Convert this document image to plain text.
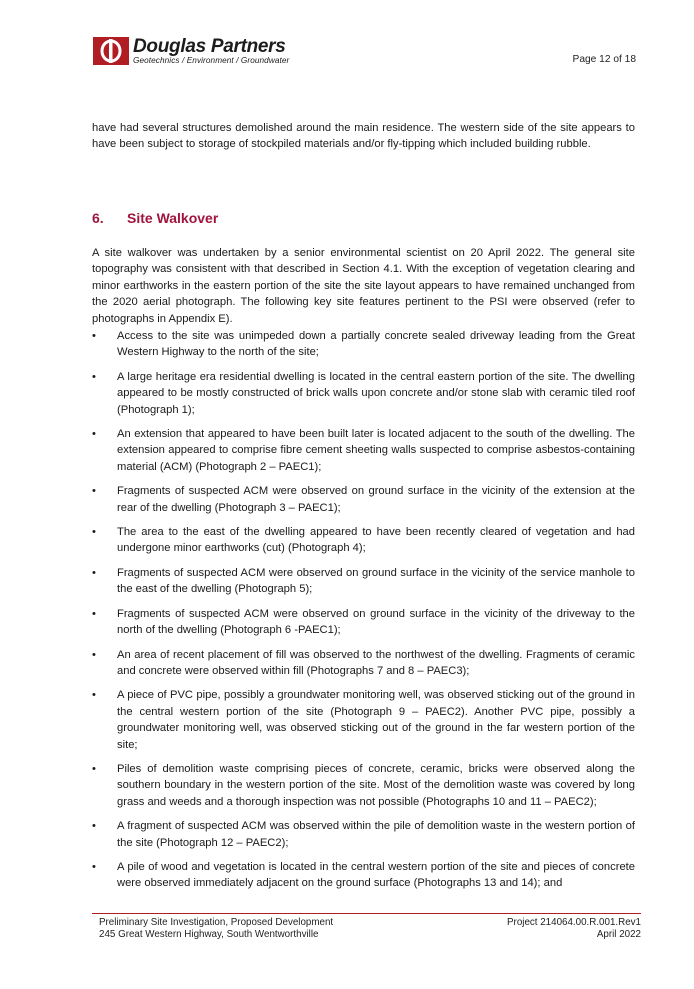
Douglas Partners
Geotechnics / Environment / Groundwater	Page 12 of 18

have had several structures demolished around the main residence. The western side of the site appears to have been subject to storage of stockpiled materials and/or fly-tipping which included building rubble.

6. Site Walkover

A site walkover was undertaken by a senior environmental scientist on 20 April 2022. The general site topography was consistent with that described in Section 4.1. With the exception of vegetation clearing and minor earthworks in the eastern portion of the site the site layout appears to have remained unchanged from the 2020 aerial photograph. The following key site features pertinent to the PSI were observed (refer to photographs in Appendix E).

•	Access to the site was unimpeded down a partially concrete sealed driveway leading from the Great Western Highway to the north of the site;
•	A large heritage era residential dwelling is located in the central eastern portion of the site. The dwelling appeared to be mostly constructed of brick walls upon concrete and/or stone slab with ceramic tiled roof (Photograph 1);
•	An extension that appeared to have been built later is located adjacent to the south of the dwelling. The extension appeared to comprise fibre cement sheeting walls suspected to comprise asbestos-containing material (ACM) (Photograph 2 – PAEC1);
•	Fragments of suspected ACM were observed on ground surface in the vicinity of the extension at the rear of the dwelling (Photograph 3 – PAEC1);
•	The area to the east of the dwelling appeared to have been recently cleared of vegetation and had undergone minor earthworks (cut) (Photograph 4);
•	Fragments of suspected ACM were observed on ground surface in the vicinity of the service manhole to the east of the dwelling (Photograph 5);
•	Fragments of suspected ACM were observed on ground surface in the vicinity of the driveway to the north of the dwelling (Photograph 6 -PAEC1);
•	An area of recent placement of fill was observed to the northwest of the dwelling. Fragments of ceramic and concrete were observed within fill (Photographs 7 and 8 – PAEC3);
•	A piece of PVC pipe, possibly a groundwater monitoring well, was observed sticking out of the ground in the central western portion of the site (Photograph 9 – PAEC2). Another PVC pipe, possibly a groundwater monitoring well, was observed sticking out of the ground in the far western portion of the site;
•	Piles of demolition waste comprising pieces of concrete, ceramic, bricks were observed along the southern boundary in the western portion of the site. Most of the demolition waste was covered by long grass and weeds and a thorough inspection was not possible (Photographs 10 and 11 – PAEC2);
•	A fragment of suspected ACM was observed within the pile of demolition waste in the western portion of the site (Photograph 12 – PAEC2);
•	A pile of wood and vegetation is located in the central western portion of the site and pieces of concrete were observed immediately adjacent on the ground surface (Photographs 13 and 14); and
Preliminary Site Investigation, Proposed Development
245 Great Western Highway, South Wentworthville
Project 214064.00.R.001.Rev1
April 2022
